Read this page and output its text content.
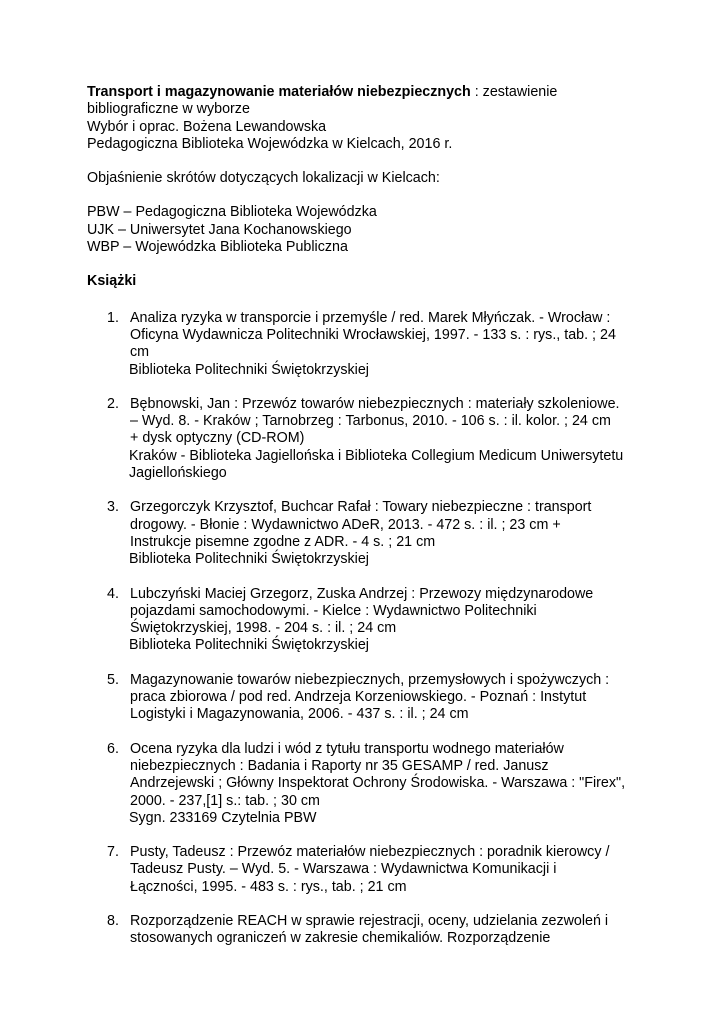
Transport i magazynowanie materiałów niebezpiecznych : zestawienie
bibliograficzne w wyborze
Wybór i oprac. Bożena Lewandowska
Pedagogiczna Biblioteka Wojewódzka w Kielcach, 2016 r.
Objaśnienie skrótów dotyczących lokalizacji w Kielcach:
PBW – Pedagogiczna Biblioteka Wojewódzka
UJK – Uniwersytet Jana Kochanowskiego
WBP – Wojewódzka Biblioteka Publiczna
Książki
1. Analiza ryzyka w transporcie i przemyśle / red. Marek Młyńczak. - Wrocław :
Oficyna Wydawnicza Politechniki Wrocławskiej, 1997. - 133 s. : rys., tab. ; 24
cm
Biblioteka Politechniki Świętokrzyskiej
2. Bębnowski, Jan : Przewóz towarów niebezpiecznych : materiały szkoleniowe.
– Wyd. 8. - Kraków ; Tarnobrzeg : Tarbonus, 2010. - 106 s. : il. kolor. ; 24 cm
+ dysk optyczny (CD-ROM)
Kraków - Biblioteka Jagiellońska i Biblioteka Collegium Medicum Uniwersytetu
Jagiellońskiego
3. Grzegorczyk Krzysztof, Buchcar Rafał : Towary niebezpieczne : transport
drogowy. - Błonie : Wydawnictwo ADeR, 2013. - 472 s. : il. ; 23 cm +
Instrukcje pisemne zgodne z ADR. - 4 s. ; 21 cm
Biblioteka Politechniki Świętokrzyskiej
4. Lubczyński Maciej Grzegorz, Zuska Andrzej : Przewozy międzynarodowe
pojazdami samochodowymi. - Kielce : Wydawnictwo Politechniki
Świętokrzyskiej, 1998. - 204 s. : il. ; 24 cm
Biblioteka Politechniki Świętokrzyskiej
5. Magazynowanie towarów niebezpiecznych, przemysłowych i spożywczych :
praca zbiorowa / pod red. Andrzeja Korzeniowskiego. - Poznań : Instytut
Logistyki i Magazynowania, 2006. - 437 s. : il. ; 24 cm
6. Ocena ryzyka dla ludzi i wód z tytułu transportu wodnego materiałów
niebezpiecznych : Badania i Raporty nr 35 GESAMP / red. Janusz
Andrzejewski ; Główny Inspektorat Ochrony Środowiska. - Warszawa : "Firex",
2000. - 237,[1] s.: tab. ; 30 cm
Sygn. 233169 Czytelnia PBW
7. Pusty, Tadeusz : Przewóz materiałów niebezpiecznych : poradnik kierowcy /
Tadeusz Pusty. – Wyd. 5. - Warszawa : Wydawnictwa Komunikacji i
Łączności, 1995. - 483 s. : rys., tab. ; 21 cm
8. Rozporządzenie REACH w sprawie rejestracji, oceny, udzielania zezwoleń i
stosowanych ograniczeń w zakresie chemikaliów. Rozporządzenie
